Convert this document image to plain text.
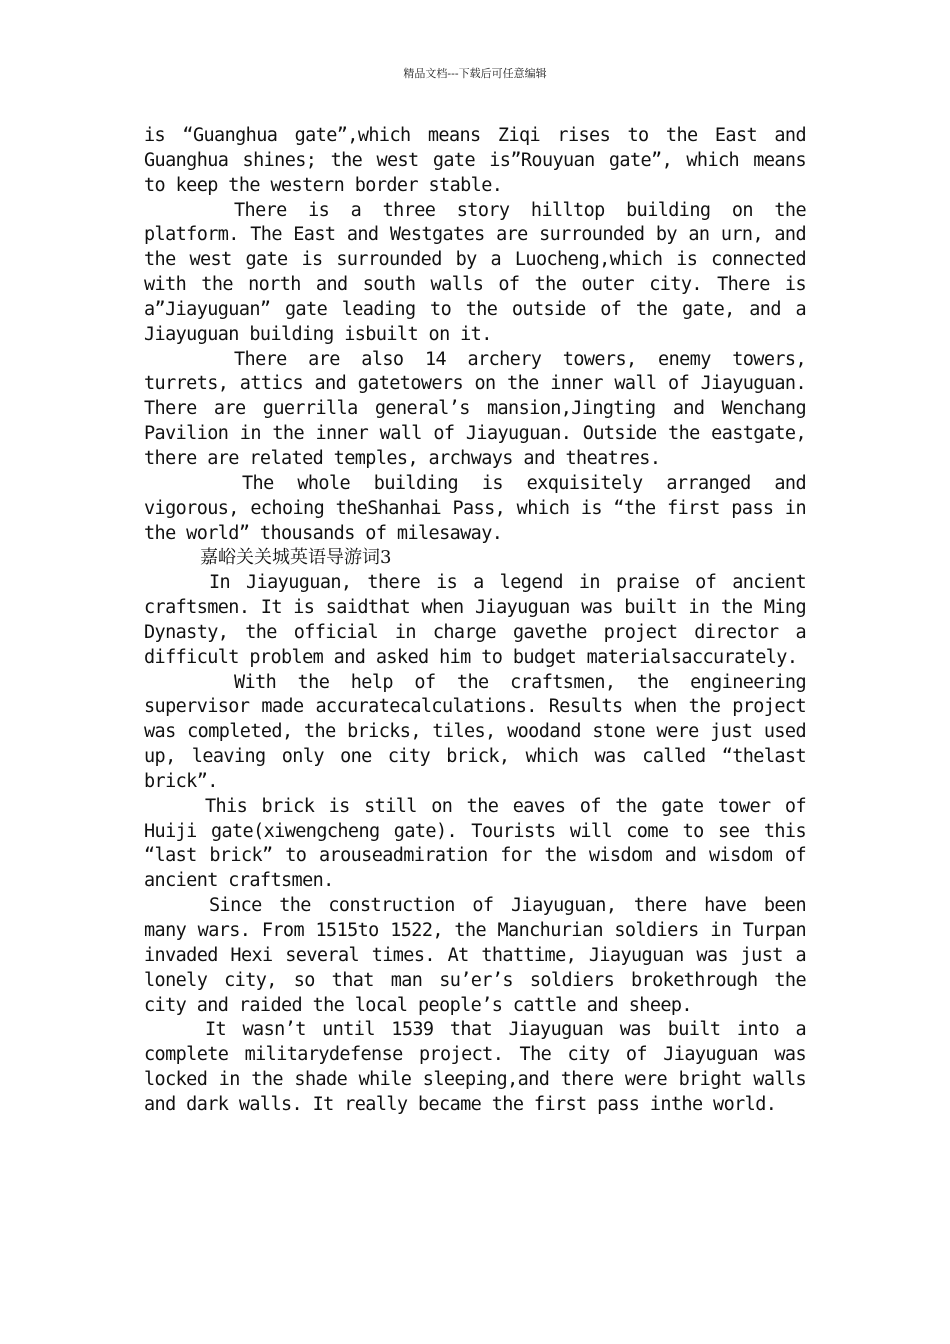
精品文档---下载后可任意编辑

is “Guanghua gate”,which means Ziqi rises to the East and Guanghua shines; the west gate is”Rouyuan gate”, which means to keep the western border stable.

There is a three story hilltop building on the platform. The East and Westgates are surrounded by an urn, and the west gate is surrounded by a Luocheng,which is connected with the north and south walls of the outer city. There is a”Jiayuguan” gate leading to the outside of the gate, and a Jiayuguan building isbuilt on it.

There are also 14 archery towers, enemy towers, turrets, attics and gatetowers on the inner wall of Jiayuguan. There are guerrilla general’s mansion,Jingting and Wenchang Pavilion in the inner wall of Jiayuguan. Outside the eastgate, there are related temples, archways and theatres.

The whole building is exquisitely arranged and vigorous, echoing theShanhai Pass, which is “the first pass in the world” thousands of milesaway.

嘉峪关关城英语导游词3

In Jiayuguan, there is a legend in praise of ancient craftsmen. It is saidthat when Jiayuguan was built in the Ming Dynasty, the official in charge gavethe project director a difficult problem and asked him to budget materialsaccurately.

With the help of the craftsmen, the engineering supervisor made accuratecalculations. Results when the project was completed, the bricks, tiles, woodand stone were just used up, leaving only one city brick, which was called “thelast brick”.

This brick is still on the eaves of the gate tower of Huiji gate(xiwengcheng gate). Tourists will come to see this “last brick” to arouseadmiration for the wisdom and wisdom of ancient craftsmen.

Since the construction of Jiayuguan, there have been many wars. From 1515to 1522, the Manchurian soldiers in Turpan invaded Hexi several times. At thattime, Jiayuguan was just a lonely city, so that man su’er’s soldiers brokethrough the city and raided the local people’s cattle and sheep.

It wasn’t until 1539 that Jiayuguan was built into a complete militarydefense project. The city of Jiayuguan was locked in the shade while sleeping,and there were bright walls and dark walls. It really became the first pass inthe world.
